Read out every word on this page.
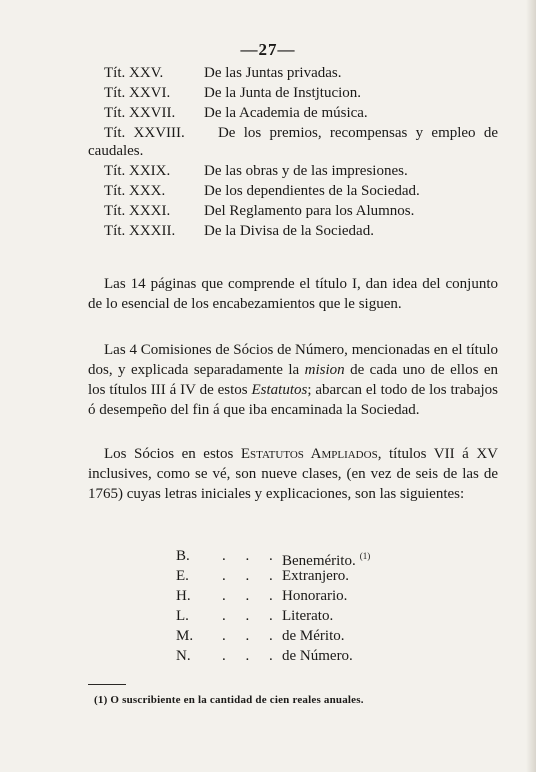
—27—
Tít. XXV.	De las Juntas privadas.
Tít. XXVI. De la Junta de Instjtucion.
Tít. XXVII. De la Academia de música.
Tít. XXVIII. De los premios, recompensas y empleo de caudales.
Tít. XXIX. De las obras y de las impresiones.
Tít. XXX.	De los dependientes de la Sociedad.
Tít. XXXI. Del Reglamento para los Alumnos.
Tít. XXXII. De la Divisa de la Sociedad.

Las 14 páginas que comprende el título I, dan idea del conjunto de lo esencial de los encabezamientos que le siguen.

Las 4 Comisiones de Sócios de Número, mencionadas en el título dos, y explicada separadamente la mision de cada uno de ellos en los títulos III á IV de estos Estatutos; abarcan el todo de los trabajos ó desempeño del fin á que iba encaminada la Sociedad.

Los Sócios en estos Estatutos Ampliados, títulos VII á XV inclusives, como se vé, son nueve clases, (en vez de seis de las de 1765) cuyas letras iniciales y explicaciones, son las siguientes:

B. . . . Benemérito. $^{(1)}$
E. . . . Extranjero.
H. . . . Honorario.
L. . . . Literato.
M. . . . de Mérito.
N. . . . de Número.
(1) O suscribiente en la cantidad de cien reales anuales.
